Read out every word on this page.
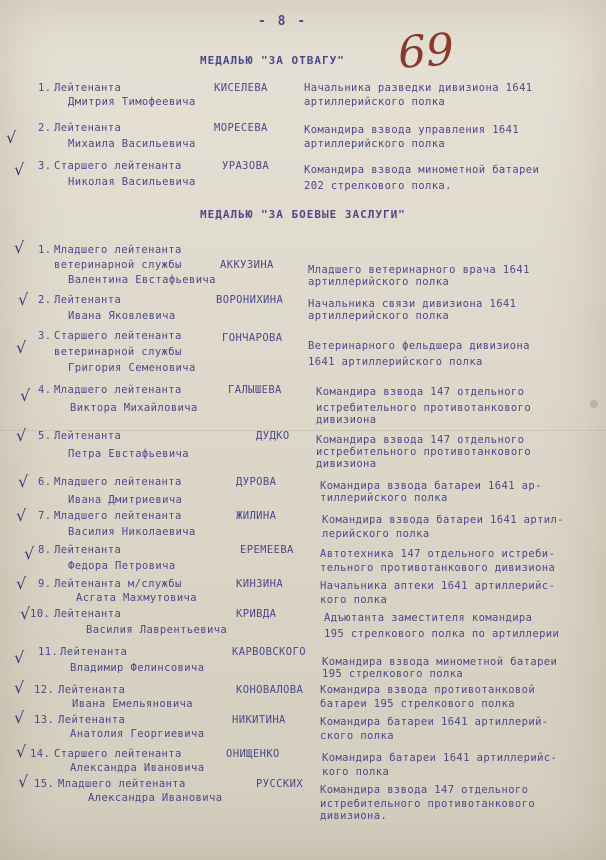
- 8 -
69
МЕДАЛЬЮ "ЗА ОТВАГУ"
МЕДАЛЬЮ "ЗА БОЕВЫЕ ЗАСЛУГИ"
1. Лейтенанта	КИСЕЛЕВА
Дмитрия Тимофеевича
Начальника разведки дивизиона 1641
артиллерийского полка
√ 2. Лейтенанта	МОРЕСЕВА
Михаила Васильевича
Командира взвода управления 1641
артиллерийского полка
√ 3. Старшего лейтенанта	УРАЗОВА
Николая Васильевича
Командира взвода минометной батареи
202 стрелкового полка.
√ 1. Младшего лейтенанта
ветеринарной службы	АККУЗИНА
Валентина Евстафьевича
Младшего ветеринарного врача 1641
артиллерийского полка
√ 2. Лейтенанта	ВОРОНИХИНА
Ивана Яковлевича
Начальника связи дивизиона 1641
артиллерийского полка
√
3. Старшего лейтенанта
ветеринарной службы
ГОНЧАРОВА
Григория Семеновича
Ветеринарного фельдшера дивизиона
1641 артиллерийского полка
√ 4. Младшего лейтенанта	ГАЛЫШЕВА
Виктора Михайловича
Командира взвода 147 отдельного
истребительного противотанкового
дивизиона
√ 5. Лейтенанта	ДУДКО
Петра Евстафьевича
Командира взвода 147 отдельного
истребительного противотанкового
дивизиона
√ 6. Младшего лейтенанта	ДУРОВА
Ивана Дмитриевича
Командира взвода батареи 1641 ар-
тиллерийского полка
√ 7. Младшего лейтенанта	ЖИЛИНА
Василия Николаевича
Командира взвода батареи 1641 артил-
лерийского полка
√ 8. Лейтенанта	ЕРЕМЕЕВА
Федора Петровича
Автотехника 147 отдельного истреби-
тельного противотанкового дивизиона
√ 9. Лейтенанта м/службы	КИНЗИНА
Асгата Махмутовича
Начальника аптеки 1641 артиллерийс-
кого полка
√ 10. Лейтенанта	КРИВДА
Василия Лаврентьевича
Адъютанта заместителя командира
195 стрелкового полка по артиллерии
√ 11. Лейтенанта	КАРВОВСКОГО
Владимир Фелинсовича	Командира взвода минометной батареи
195 стрелкового полка
√ 12. Лейтенанта	КОНОВАЛОВА
Ивана Емельяновича
Командира взвода противотанковой
батареи 195 стрелкового полка
√ 13. Лейтенанта	НИКИТИНА
Анатолия Георгиевича
Командира батареи 1641 артиллерий-
ского полка
√ 14. Старшего лейтенанта	ОНИЩЕНКО
Александра Ивановича
Командира батареи 1641 артиллерийс-
кого полка
√ 15. Младшего лейтенанта	РУССКИХ
Александра Ивановича
Командира взвода 147 отдельного
истребительного противотанкового
дивизиона.
